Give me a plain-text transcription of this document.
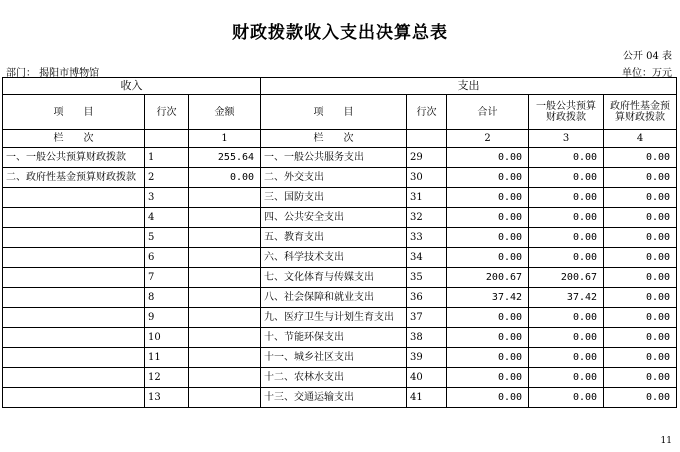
财政拨款收入支出决算总表
公开 04 表
部门： 揭阳市博物馆	单位：万元
收入			支出				
项　　目	行次	金额	项　　目	行次	合计	一般公共预算财政拨款	政府性基金预算财政拨款
栏　　次		1	栏　　次		2	3	4
一、一般公共预算财政拨款	1	255.64	一、一般公共服务支出	29	0.00	0.00	0.00
二、政府性基金预算财政拨款	2	0.00	二、外交支出	30	0.00	0.00	0.00
	3		三、国防支出	31	0.00	0.00	0.00
	4		四、公共安全支出	32	0.00	0.00	0.00
	5		五、教育支出	33	0.00	0.00	0.00
	6		六、科学技术支出	34	0.00	0.00	0.00
	7		七、文化体育与传媒支出	35	200.67	200.67	0.00
	8		八、社会保障和就业支出	36	37.42	37.42	0.00
	9		九、医疗卫生与计划生育支出	37	0.00	0.00	0.00
	10		十、节能环保支出	38	0.00	0.00	0.00
	11		十一、城乡社区支出	39	0.00	0.00	0.00
	12		十二、农林水支出	40	0.00	0.00	0.00
	13		十三、交通运输支出	41	0.00	0.00	0.00
11
